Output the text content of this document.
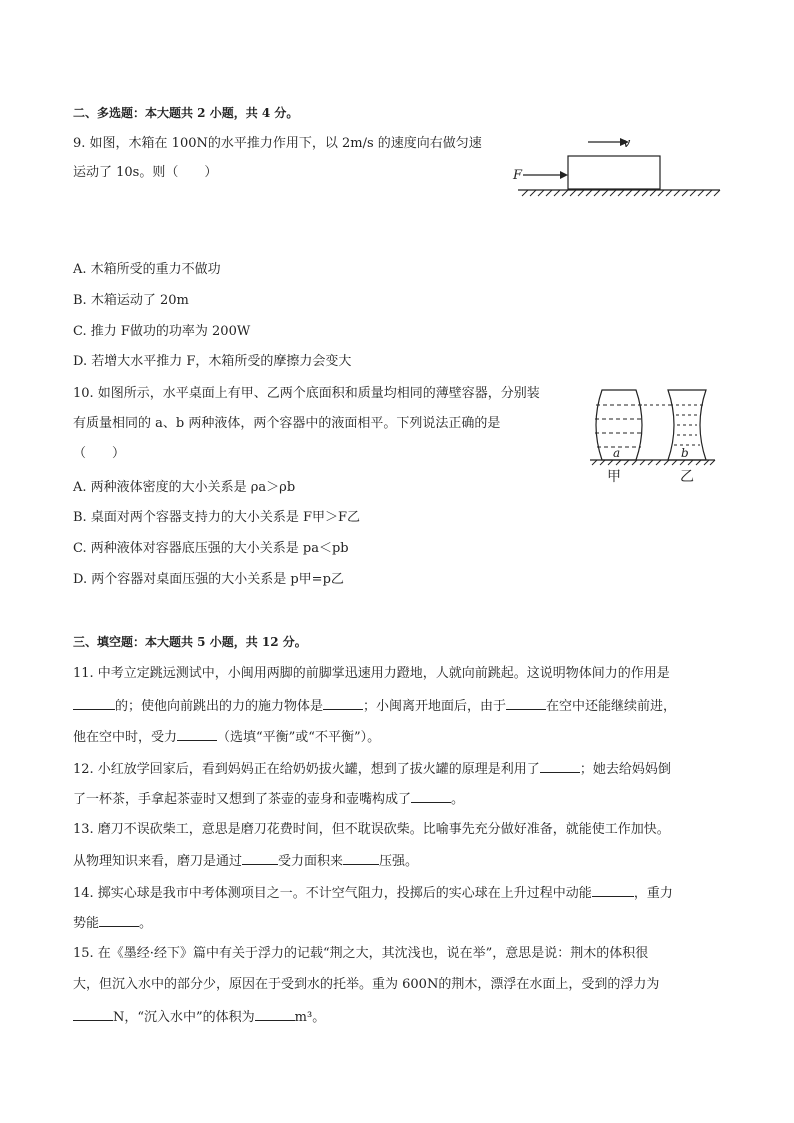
二、多选题：本大题共 2 小题，共 4 分。
9. 如图，木箱在 100N的水平推力作用下，以 2m/s 的速度向右做匀速
运动了 10s。则（　　）
v
F
A. 木箱所受的重力不做功
B. 木箱运动了 20m
C. 推力 F做功的功率为 200W
D. 若增大水平推力 F，木箱所受的摩擦力会变大
10. 如图所示，水平桌面上有甲、乙两个底面积和质量均相同的薄壁容器，分别装
有质量相同的 a、b 两种液体，两个容器中的液面相平。下列说法正确的是
（　　）	a	b
甲	乙
A. 两种液体密度的大小关系是 ρa＞ρb
B. 桌面对两个容器支持力的大小关系是 F甲＞F乙
C. 两种液体对容器底压强的大小关系是 pa＜pb
D. 两个容器对桌面压强的大小关系是 p甲=p乙
三、填空题：本大题共 5 小题，共 12 分。
11. 中考立定跳远测试中，小闽用两脚的前脚掌迅速用力蹬地，人就向前跳起。这说明物体间力的作用是
的；使他向前跳出的力的施力物体是	；小闽离开地面后，由于	在空中还能继续前进，
他在空中时，受力	（选填“平衡”或“不平衡”）。
12. 小红放学回家后，看到妈妈正在给奶奶拔火罐，想到了拔火罐的原理是利用了	；她去给妈妈倒
了一杯茶，手拿起茶壶时又想到了茶壶的壶身和壶嘴构成了	。
13. 磨刀不误砍柴工，意思是磨刀花费时间，但不耽误砍柴。比喻事先充分做好准备，就能使工作加快。
从物理知识来看，磨刀是通过	受力面积来	压强。
14. 掷实心球是我市中考体测项目之一。不计空气阻力，投掷后的实心球在上升过程中动能	，重力
势能	。
15. 在《墨经·经下》篇中有关于浮力的记载“荆之大，其沈浅也，说在举”，意思是说：荆木的体积很
大，但沉入水中的部分少，原因在于受到水的托举。重为 600N的荆木，漂浮在水面上，受到的浮力为
N，“沉入水中”的体积为	m³。
